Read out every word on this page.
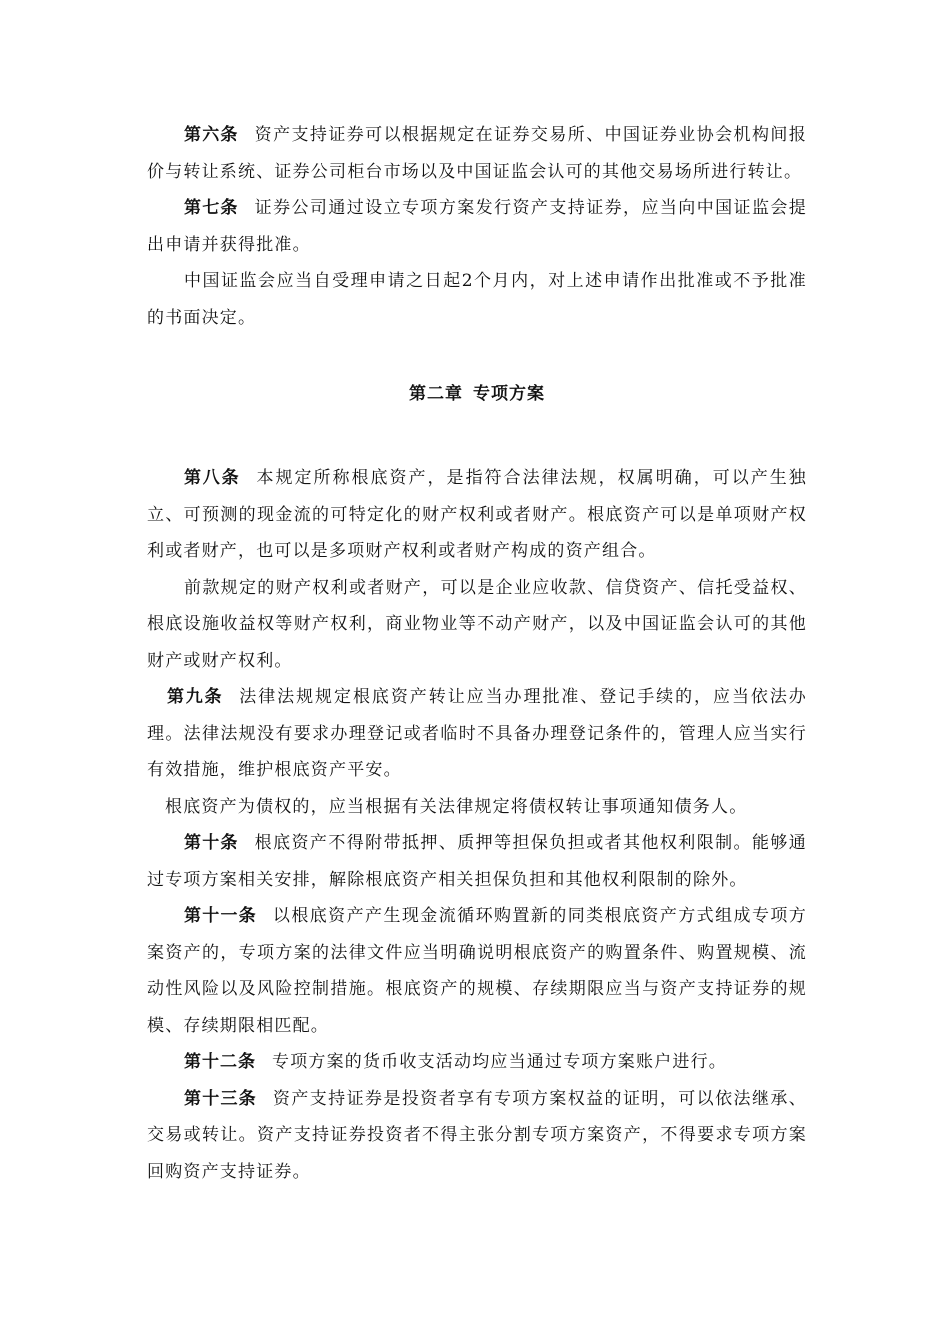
第六条 资产支持证券可以根据规定在证券交易所、中国证券业协会机构间报价与转让系统、证券公司柜台市场以及中国证监会认可的其他交易场所进行转让。

第七条 证券公司通过设立专项方案发行资产支持证券，应当向中国证监会提出申请并获得批准。

中国证监会应当自受理申请之日起2个月内，对上述申请作出批准或不予批准的书面决定。

第二章 专项方案

第八条 本规定所称根底资产，是指符合法律法规，权属明确，可以产生独立、可预测的现金流的可特定化的财产权利或者财产。根底资产可以是单项财产权利或者财产，也可以是多项财产权利或者财产构成的资产组合。

前款规定的财产权利或者财产，可以是企业应收款、信贷资产、信托受益权、根底设施收益权等财产权利，商业物业等不动产财产，以及中国证监会认可的其他财产或财产权利。

第九条 法律法规规定根底资产转让应当办理批准、登记手续的，应当依法办理。法律法规没有要求办理登记或者临时不具备办理登记条件的，管理人应当实行有效措施，维护根底资产平安。

根底资产为债权的，应当根据有关法律规定将债权转让事项通知债务人。

第十条 根底资产不得附带抵押、质押等担保负担或者其他权利限制。能够通过专项方案相关安排，解除根底资产相关担保负担和其他权利限制的除外。

第十一条 以根底资产产生现金流循环购置新的同类根底资产方式组成专项方案资产的，专项方案的法律文件应当明确说明根底资产的购置条件、购置规模、流动性风险以及风险控制措施。根底资产的规模、存续期限应当与资产支持证券的规模、存续期限相匹配。

第十二条 专项方案的货币收支活动均应当通过专项方案账户进行。

第十三条 资产支持证券是投资者享有专项方案权益的证明，可以依法继承、交易或转让。资产支持证券投资者不得主张分割专项方案资产，不得要求专项方案回购资产支持证券。
